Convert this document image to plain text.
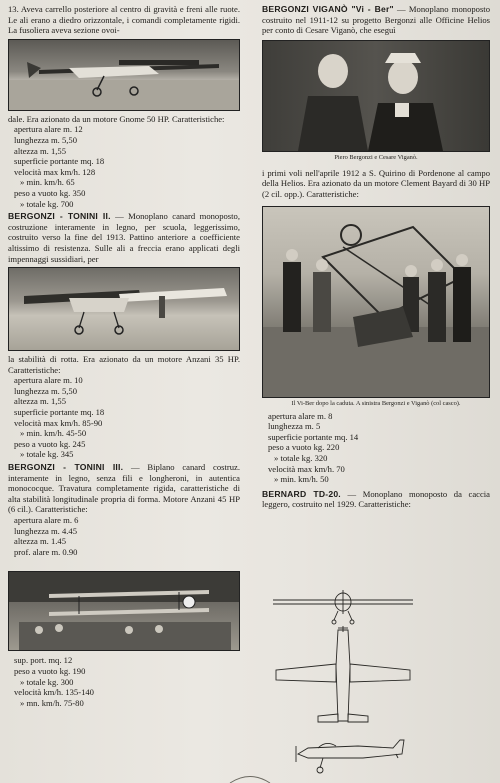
13. Aveva carrello posteriore al centro di gravità e freni alle ruote. Le ali erano a diedro orizzontale, i comandi completamente rigidi. La fusoliera aveva sezione ovoi-

dale. Era azionato da un motore Gnome 50 HP. Caratteristiche:

apertura alare m. 12

lunghezza m. 5,50

altezza m. 1,55

superficie portante mq. 18

velocità max km/h. 128

» min. km/h. 65

peso a vuoto kg. 350

» totale kg. 700

BERGONZI - TONINI II. — Monoplano canard monoposto, costruzione interamente in legno, per scuola, leggerissimo, costruito verso la fine del 1913. Pattino anteriore a coefficiente altissimo di resistenza. Sulle ali a freccia erano applicati degli impennaggi sussidiari, per

la stabilità di rotta. Era azionato da un motore Anzani 35 HP. Caratteristiche:

apertura alare m. 10

lunghezza m. 5,50

altezza m. 1,55

superficie portante mq. 18

velocità max km/h. 85-90

» min. km/h. 45-50

peso a vuoto kg. 245

» totale kg. 345

BERGONZI - TONINI III. — Biplano canard costruz. interamente in legno, senza fili e longheroni, in autentica monococque. Travatura completamente rigida, caratteristiche di alta stabilità longitudinale propria di forma. Motore Anzani 45 HP (6 cil.). Caratteristiche:

apertura alare m. 6

lunghezza m. 4.45

altezza m. 1.45

prof. alare m. 0.90

sup. port. mq. 12

peso a vuoto kg. 190

» totale kg. 300

velocità km/h. 135-140

» mn. km/h. 75-80

BERGONZI VIGANÒ "Vi - Ber" — Monoplano monoposto costruito nel 1911-12 su progetto Bergonzi alle Officine Helios per conto di Cesare Viganò, che eseguì

Piero Bergonzi e Cesare Viganò.

i primi voli nell'aprile 1912 a S. Quirino di Pordenone al campo della Helios. Era azionato da un motore Clement Bayard di 30 HP (2 cil. opp.). Caratteristiche:

Il Vi-Ber dopo la caduta. A sinistra Bergonzi e Viganò (col casco).

apertura alare m. 8

lunghezza m. 5

superficie portante mq. 14

peso a vuoto kg. 220

» totale kg. 320

velocità max km/h. 70

» min. km/h. 50

BERNARD TD-20. — Monoplano monoposto da caccia leggero, costruito nel 1929. Caratteristiche:
